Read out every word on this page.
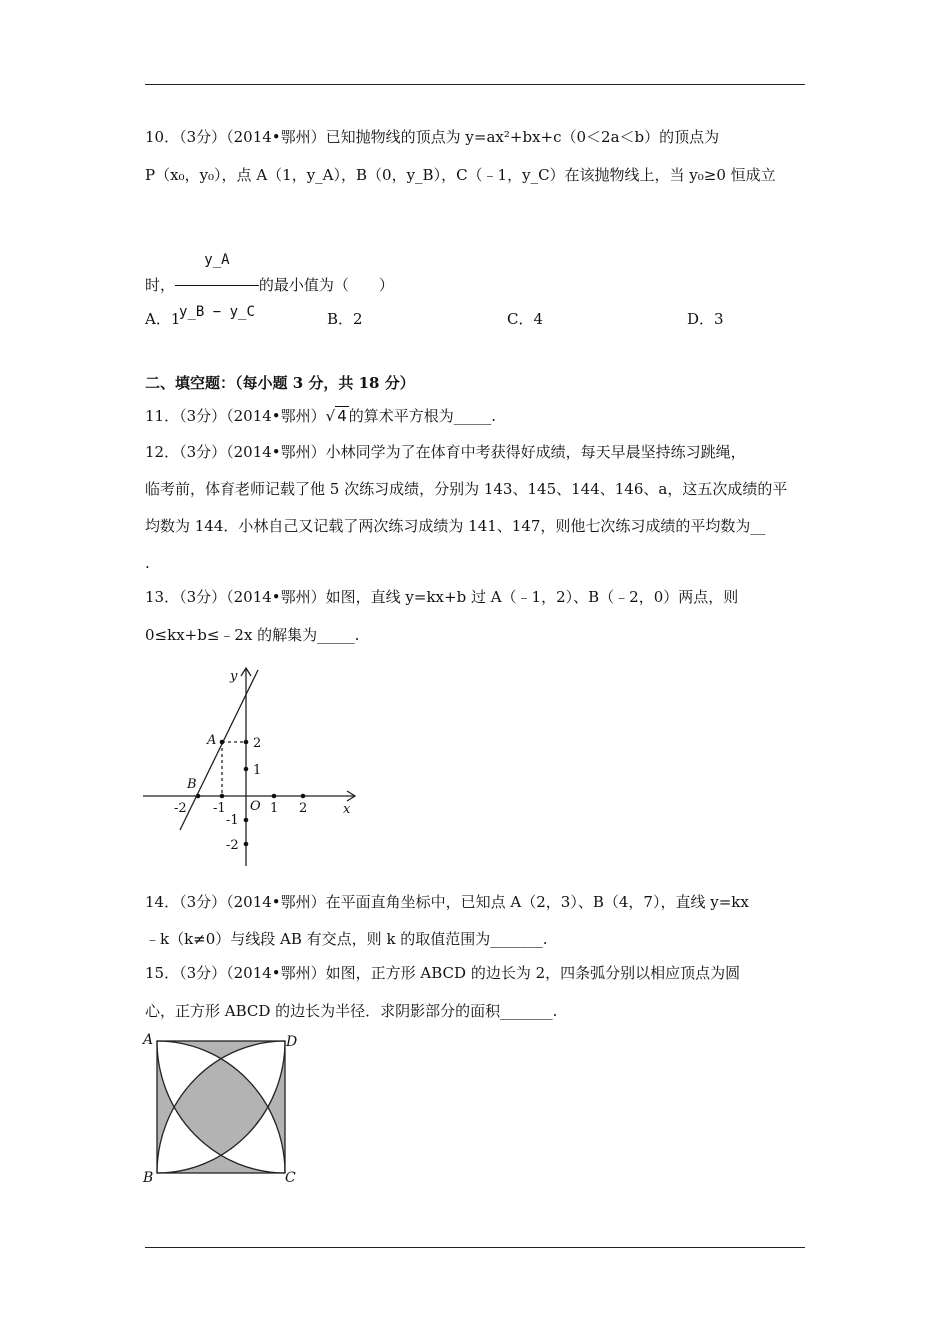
10．（3分）（2014•鄂州）已知抛物线的顶点为 y=ax²+bx+c（0＜2a＜b）的顶点为
P（x₀，y₀），点 A（1，y_A），B（0，y_B），C（﹣1，y_C）在该抛物线上，当 y₀≥0 恒成立
时， $\frac{y\_A}{y\_B - y\_C}$ 的最小值为（　　）
A．1	B．2	C．4	D．3
二、填空题：（每小题 3 分，共 18 分）
11．（3分）（2014•鄂州）√ 4 的算术平方根为_____.
12．（3分）（2014•鄂州）小林同学为了在体育中考获得好成绩，每天早晨坚持练习跳绳，
临考前，体育老师记载了他 5 次练习成绩，分别为 143、145、144、146、a，这五次成绩的平
均数为 144．小林自己又记载了两次练习成绩为 141、147，则他七次练习成绩的平均数为__
.
13．（3分）（2014•鄂州）如图，直线 y=kx+b 过 A（﹣1，2）、B（﹣2，0）两点，则
0≤kx+b≤﹣2x 的解集为_____.
y
x
A
B
O
2
1
-1
-2
-2 -1	1 2
14．（3分）（2014•鄂州）在平面直角坐标中，已知点 A（2，3）、B（4，7），直线 y=kx
﹣k（k≠0）与线段 AB 有交点，则 k 的取值范围为_______.
15．（3分）（2014•鄂州）如图，正方形 ABCD 的边长为 2，四条弧分别以相应顶点为圆
心，正方形 ABCD 的边长为半径．求阴影部分的面积_______.
A	D
B	C
